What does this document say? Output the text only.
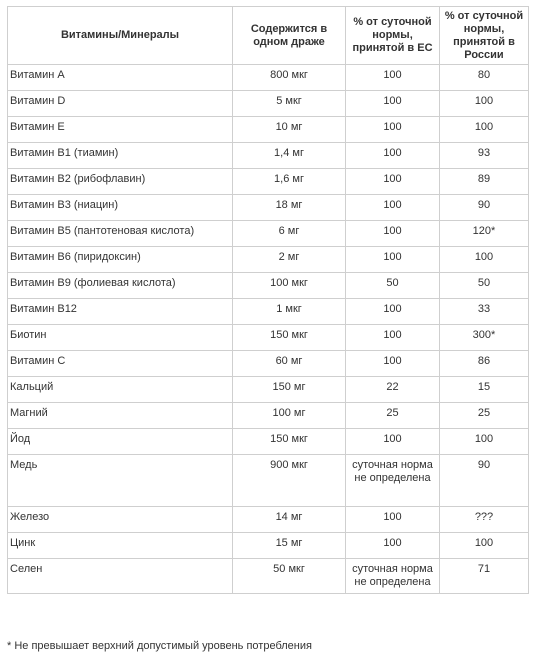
Витамины/Минералы	Содержится в одном драже	% от суточной нормы, принятой в ЕС	% от суточной нормы, принятой в России
Витамин A	800 мкг	100	80
Витамин D	5 мкг	100	100
Витамин E	10 мг	100	100
Витамин B1 (тиамин)	1,4 мг	100	93
Витамин B2 (рибофлавин)	1,6 мг	100	89
Витамин B3 (ниацин)	18 мг	100	90
Витамин B5 (пантотеновая кислота)	6 мг	100	120*
Витамин B6 (пиридоксин)	2 мг	100	100
Витамин B9 (фолиевая кислота)	100 мкг	50	50
Витамин B12	1 мкг	100	33
Биотин	150 мкг	100	300*
Витамин C	60 мг	100	86
Кальций	150 мг	22	15
Магний	100 мг	25	25
Йод	150 мкг	100	100
Медь	900 мкг	суточная норма не определена	90
Железо	14 мг	100	???
Цинк	15 мг	100	100
Селен	50 мкг	суточная норма не определена	71
* Не превышает верхний допустимый уровень потребления
